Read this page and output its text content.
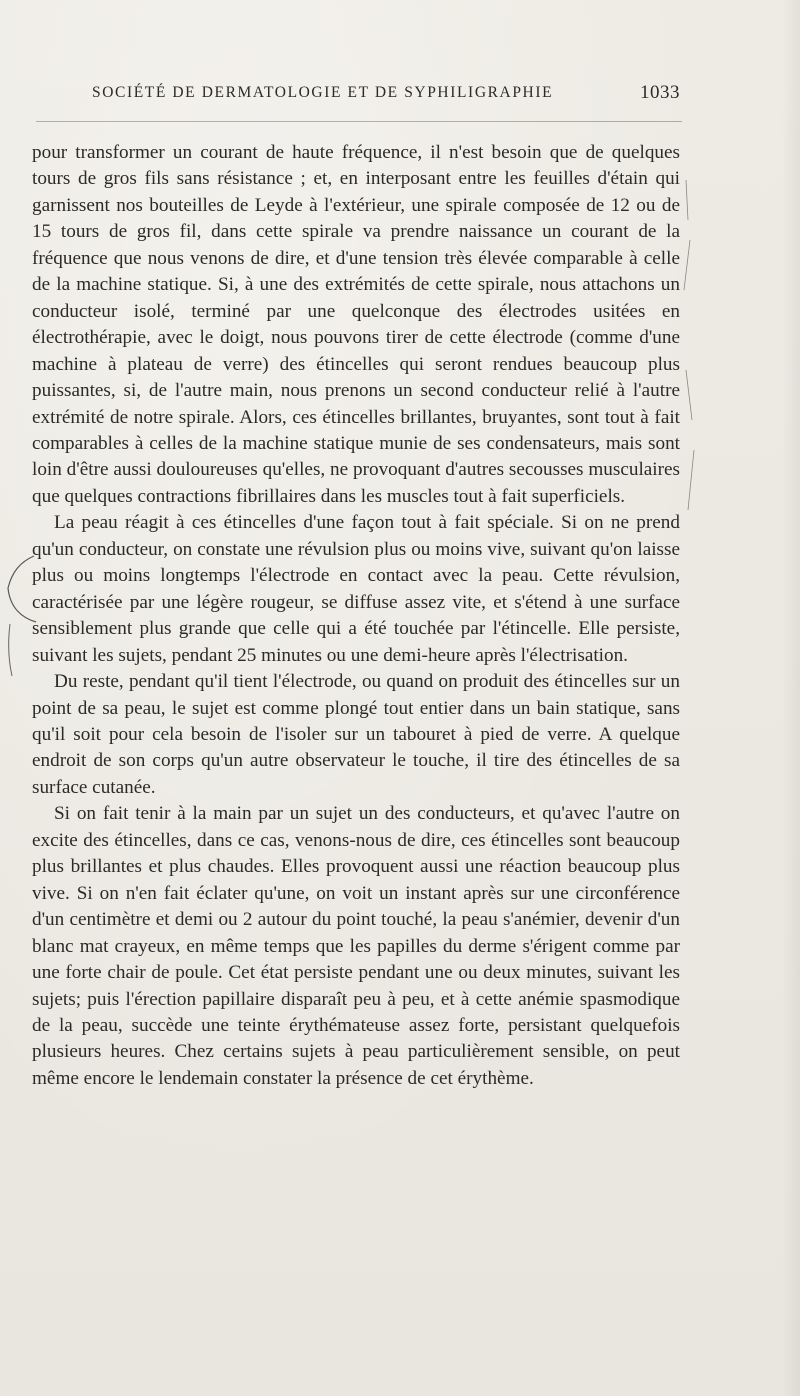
SOCIÉTÉ DE DERMATOLOGIE ET DE SYPHILIGRAPHIE	1033

pour transformer un courant de haute fréquence, il n'est besoin que de quelques tours de gros fils sans résistance ; et, en interposant entre les feuilles d'étain qui garnissent nos bouteilles de Leyde à l'extérieur, une spirale composée de 12 ou de 15 tours de gros fil, dans cette spirale va prendre naissance un courant de la fréquence que nous venons de dire, et d'une tension très élevée comparable à celle de la machine statique. Si, à une des extrémités de cette spirale, nous attachons un conducteur isolé, terminé par une quelconque des électrodes usitées en électrothérapie, avec le doigt, nous pouvons tirer de cette électrode (comme d'une machine à plateau de verre) des étincelles qui seront rendues beaucoup plus puissantes, si, de l'autre main, nous prenons un second conducteur relié à l'autre extrémité de notre spirale. Alors, ces étincelles brillantes, bruyantes, sont tout à fait comparables à celles de la machine statique munie de ses condensateurs, mais sont loin d'être aussi douloureuses qu'elles, ne provoquant d'autres secousses musculaires que quelques contractions fibrillaires dans les muscles tout à fait superficiels.

La peau réagit à ces étincelles d'une façon tout à fait spéciale. Si on ne prend qu'un conducteur, on constate une révulsion plus ou moins vive, suivant qu'on laisse plus ou moins longtemps l'électrode en contact avec la peau. Cette révulsion, caractérisée par une légère rougeur, se diffuse assez vite, et s'étend à une surface sensiblement plus grande que celle qui a été touchée par l'étincelle. Elle persiste, suivant les sujets, pendant 25 minutes ou une demi-heure après l'électrisation.

Du reste, pendant qu'il tient l'électrode, ou quand on produit des étincelles sur un point de sa peau, le sujet est comme plongé tout entier dans un bain statique, sans qu'il soit pour cela besoin de l'isoler sur un tabouret à pied de verre. A quelque endroit de son corps qu'un autre observateur le touche, il tire des étincelles de sa surface cutanée.

Si on fait tenir à la main par un sujet un des conducteurs, et qu'avec l'autre on excite des étincelles, dans ce cas, venons-nous de dire, ces étincelles sont beaucoup plus brillantes et plus chaudes. Elles provoquent aussi une réaction beaucoup plus vive. Si on n'en fait éclater qu'une, on voit un instant après sur une circonférence d'un centimètre et demi ou 2 autour du point touché, la peau s'anémier, devenir d'un blanc mat crayeux, en même temps que les papilles du derme s'érigent comme par une forte chair de poule. Cet état persiste pendant une ou deux minutes, suivant les sujets; puis l'érection papillaire disparaît peu à peu, et à cette anémie spasmodique de la peau, succède une teinte érythémateuse assez forte, persistant quelquefois plusieurs heures. Chez certains sujets à peau particulièrement sensible, on peut même encore le lendemain constater la présence de cet érythème.
